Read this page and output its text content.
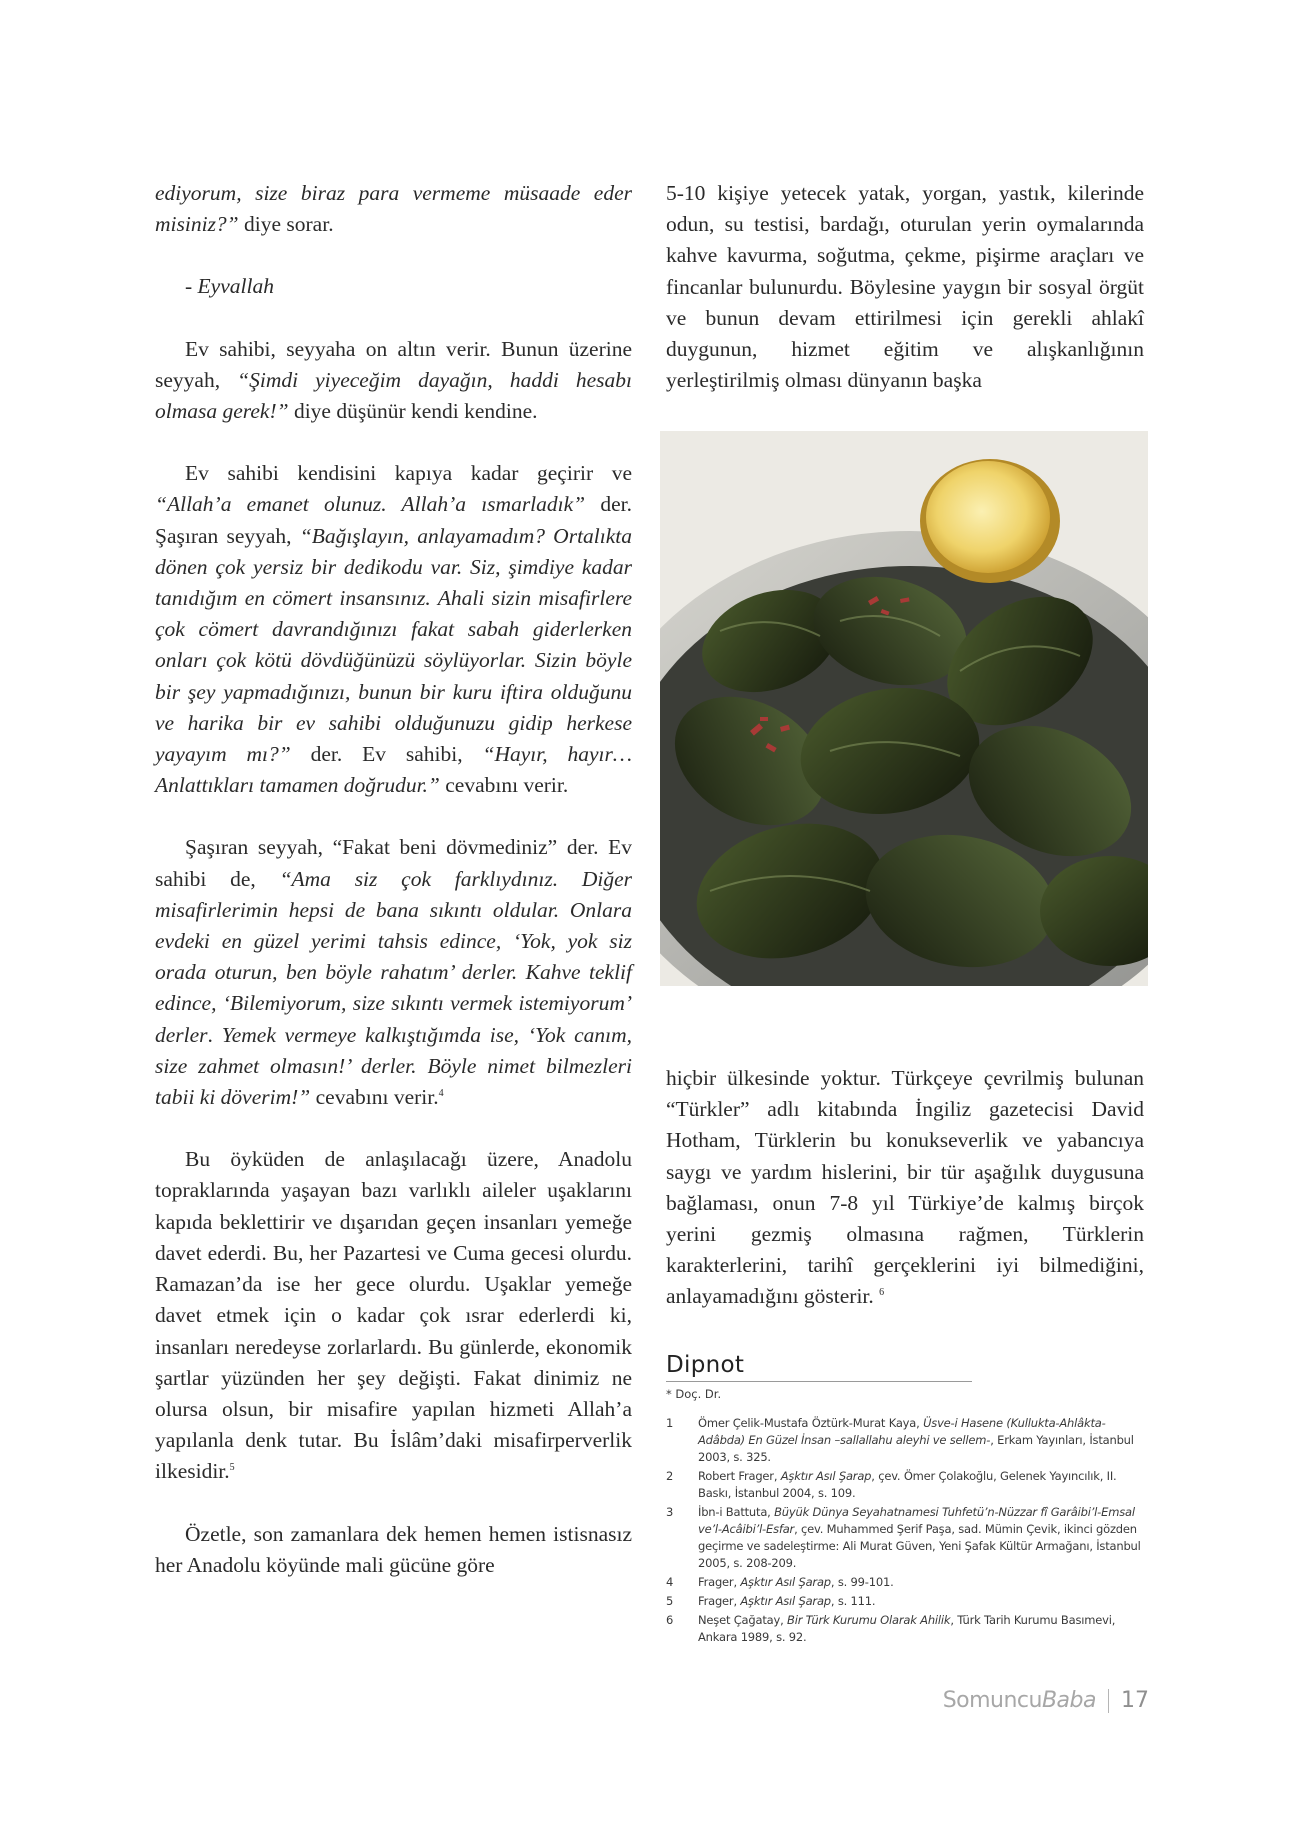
ediyorum, size biraz para vermeme müsaade eder misiniz?” diye sorar.

- Eyvallah

Ev sahibi, seyyaha on altın verir. Bunun üzerine seyyah, “Şimdi yiyeceğim dayağın, haddi hesabı olmasa gerek!” diye düşünür kendi kendine.

Ev sahibi kendisini kapıya kadar geçirir ve “Allah’a emanet olunuz. Allah’a ısmarladık” der. Şaşıran seyyah, “Bağışlayın, anlayamadım? Ortalıkta dönen çok yersiz bir dedikodu var. Siz, şimdiye kadar tanıdığım en cömert insansınız. Ahali sizin misafirlere çok cömert davrandığınızı fakat sabah giderlerken onları çok kötü dövdüğünüzü söylüyorlar. Sizin böyle bir şey yapmadığınızı, bunun bir kuru iftira olduğunu ve harika bir ev sahibi olduğunuzu gidip herkese yayayım mı?” der. Ev sahibi, “Hayır, hayır… Anlattıkları tamamen doğrudur.” cevabını verir.

Şaşıran seyyah, “Fakat beni dövmediniz” der. Ev sahibi de, “Ama siz çok farklıydınız. Diğer misafirlerimin hepsi de bana sıkıntı oldular. Onlara evdeki en güzel yerimi tahsis edince, ‘Yok, yok siz orada oturun, ben böyle rahatım’ derler. Kahve teklif edince, ‘Bilemiyorum, size sıkıntı vermek istemiyorum’ derler. Yemek vermeye kalkıştığımda ise, ‘Yok canım, size zahmet olmasın!’ derler. Böyle nimet bilmezleri tabii ki döverim!” cevabını verir.$^4$

Bu öyküden de anlaşılacağı üzere, Anadolu topraklarında yaşayan bazı varlıklı aileler uşaklarını kapıda beklettirir ve dışarıdan geçen insanları yemeğe davet ederdi. Bu, her Pazartesi ve Cuma gecesi olurdu. Ramazan’da ise her gece olurdu. Uşaklar yemeğe davet etmek için o kadar çok ısrar ederlerdi ki, insanları neredeyse zorlarlardı. Bu günlerde, ekonomik şartlar yüzünden her şey değişti. Fakat dinimiz ne olursa olsun, bir misafire yapılan hizmeti Allah’a yapılanla denk tutar. Bu İslâm’daki misafirperverlik ilkesidir.$^5$

Özetle, son zamanlara dek hemen hemen istisnasız her Anadolu köyünde mali gücüne göre

5-10 kişiye yetecek yatak, yorgan, yastık, kilerinde odun, su testisi, bardağı, oturulan yerin oymalarında kahve kavurma, soğutma, çekme, pişirme araçları ve fincanlar bulunurdu. Böylesine yaygın bir sosyal örgüt ve bunun devam ettirilmesi için gerekli ahlakî duygunun, hizmet eğitim ve alışkanlığının yerleştirilmiş olması dünyanın başka

hiçbir ülkesinde yoktur. Türkçeye çevrilmiş bulunan “Türkler” adlı kitabında İngiliz gazetecisi David Hotham, Türklerin bu konukseverlik ve yabancıya saygı ve yardım hislerini, bir tür aşağılık duygusuna bağlaması, onun 7-8 yıl Türkiye’de kalmış birçok yerini gezmiş olmasına rağmen, Türklerin karakterlerini, tarihî gerçeklerini iyi bilmediğini, anlayamadığını gösterir. $^6$

Dipnot
* Doç. Dr.
1	Ömer Çelik-Mustafa Öztürk-Murat Kaya, Üsve-i Hasene (Kullukta-Ahlâkta-Adâbda) En Güzel İnsan –sallallahu aleyhi ve sellem-, Erkam Yayınları, İstanbul 2003, s. 325.
2	Robert Frager, Aşktır Asıl Şarap, çev. Ömer Çolakoğlu, Gelenek Yayıncılık, II. Baskı, İstanbul 2004, s. 109.
3	İbn-i Battuta, Büyük Dünya Seyahatnamesi Tuhfetü’n-Nüzzar fî Garâibi’l-Emsal ve’l-Acâibi’l-Esfar, çev. Muhammed Şerif Paşa, sad. Mümin Çevik, ikinci gözden geçirme ve sadeleştirme: Ali Murat Güven, Yeni Şafak Kültür Armağanı, İstanbul 2005, s. 208-209.
4	Frager, Aşktır Asıl Şarap, s. 99-101.
5	Frager, Aşktır Asıl Şarap, s. 111.
6	Neşet Çağatay, Bir Türk Kurumu Olarak Ahilik, Türk Tarih Kurumu Basımevi, Ankara 1989, s. 92.
Somuncu Baba 17
